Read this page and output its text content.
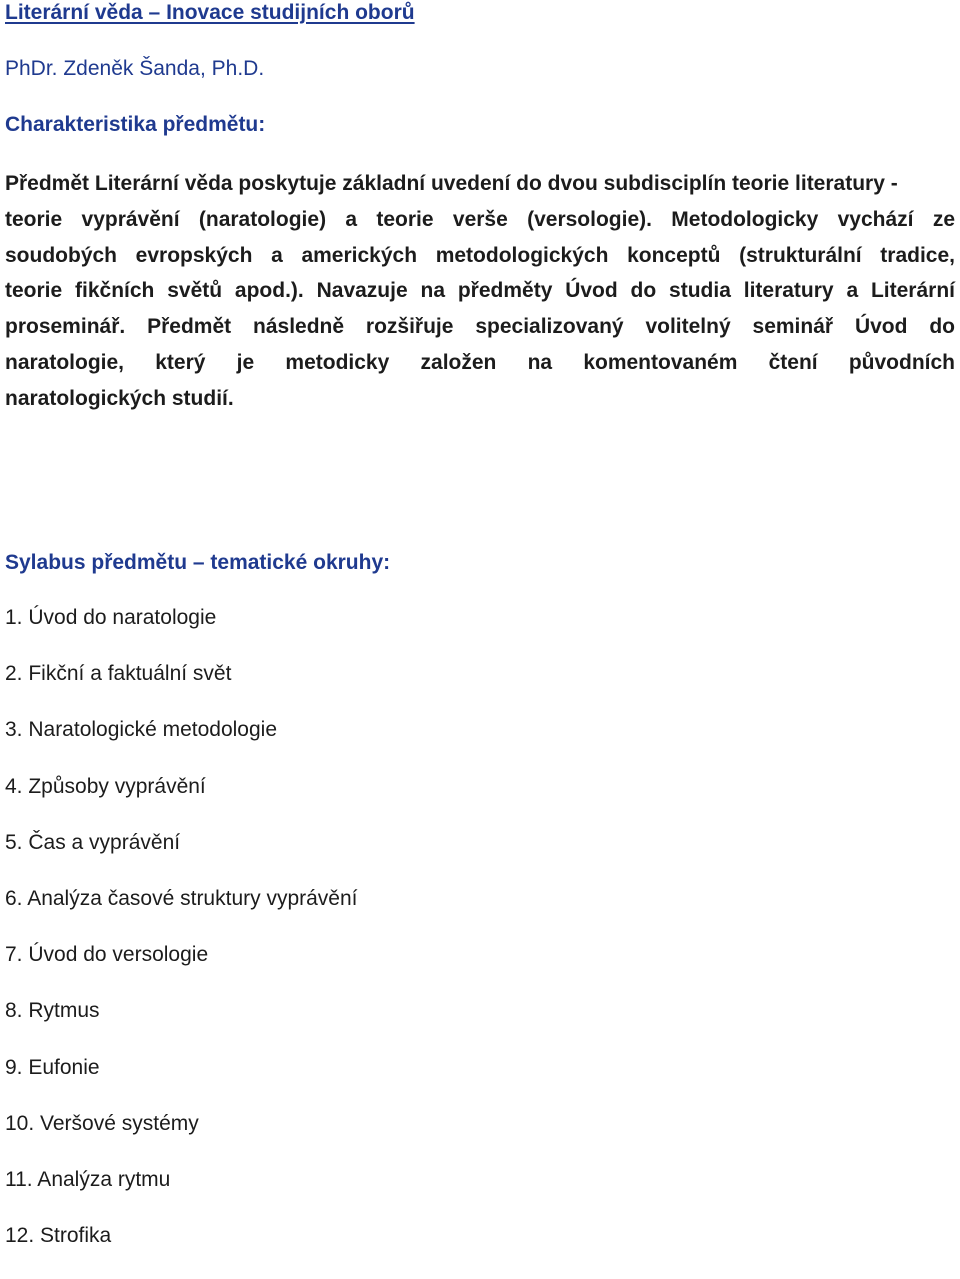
Literární věda – Inovace studijních oborů

PhDr. Zdeněk Šanda, Ph.D.

Charakteristika předmětu:
Předmět Literární věda poskytuje základní uvedení do dvou subdisciplín teorie literatury -
teorie vyprávění (naratologie) a teorie verše (versologie). Metodologicky vychází ze
soudobých evropských a amerických metodologických konceptů (strukturální tradice,
teorie fikčních světů apod.). Navazuje na předměty Úvod do studia literatury a Literární
proseminář. Předmět následně rozšiřuje specializovaný volitelný seminář Úvod do
naratologie, který je metodicky založen na komentovaném čtení původních
naratologických studií.
Sylabus předmětu – tematické okruhy:
1. Úvod do naratologie
2. Fikční a faktuální svět
3. Naratologické metodologie
4. Způsoby vyprávění
5. Čas a vyprávění
6. Analýza časové struktury vyprávění
7. Úvod do versologie
8. Rytmus
9. Eufonie
10. Veršové systémy
11. Analýza rytmu
12. Strofika
